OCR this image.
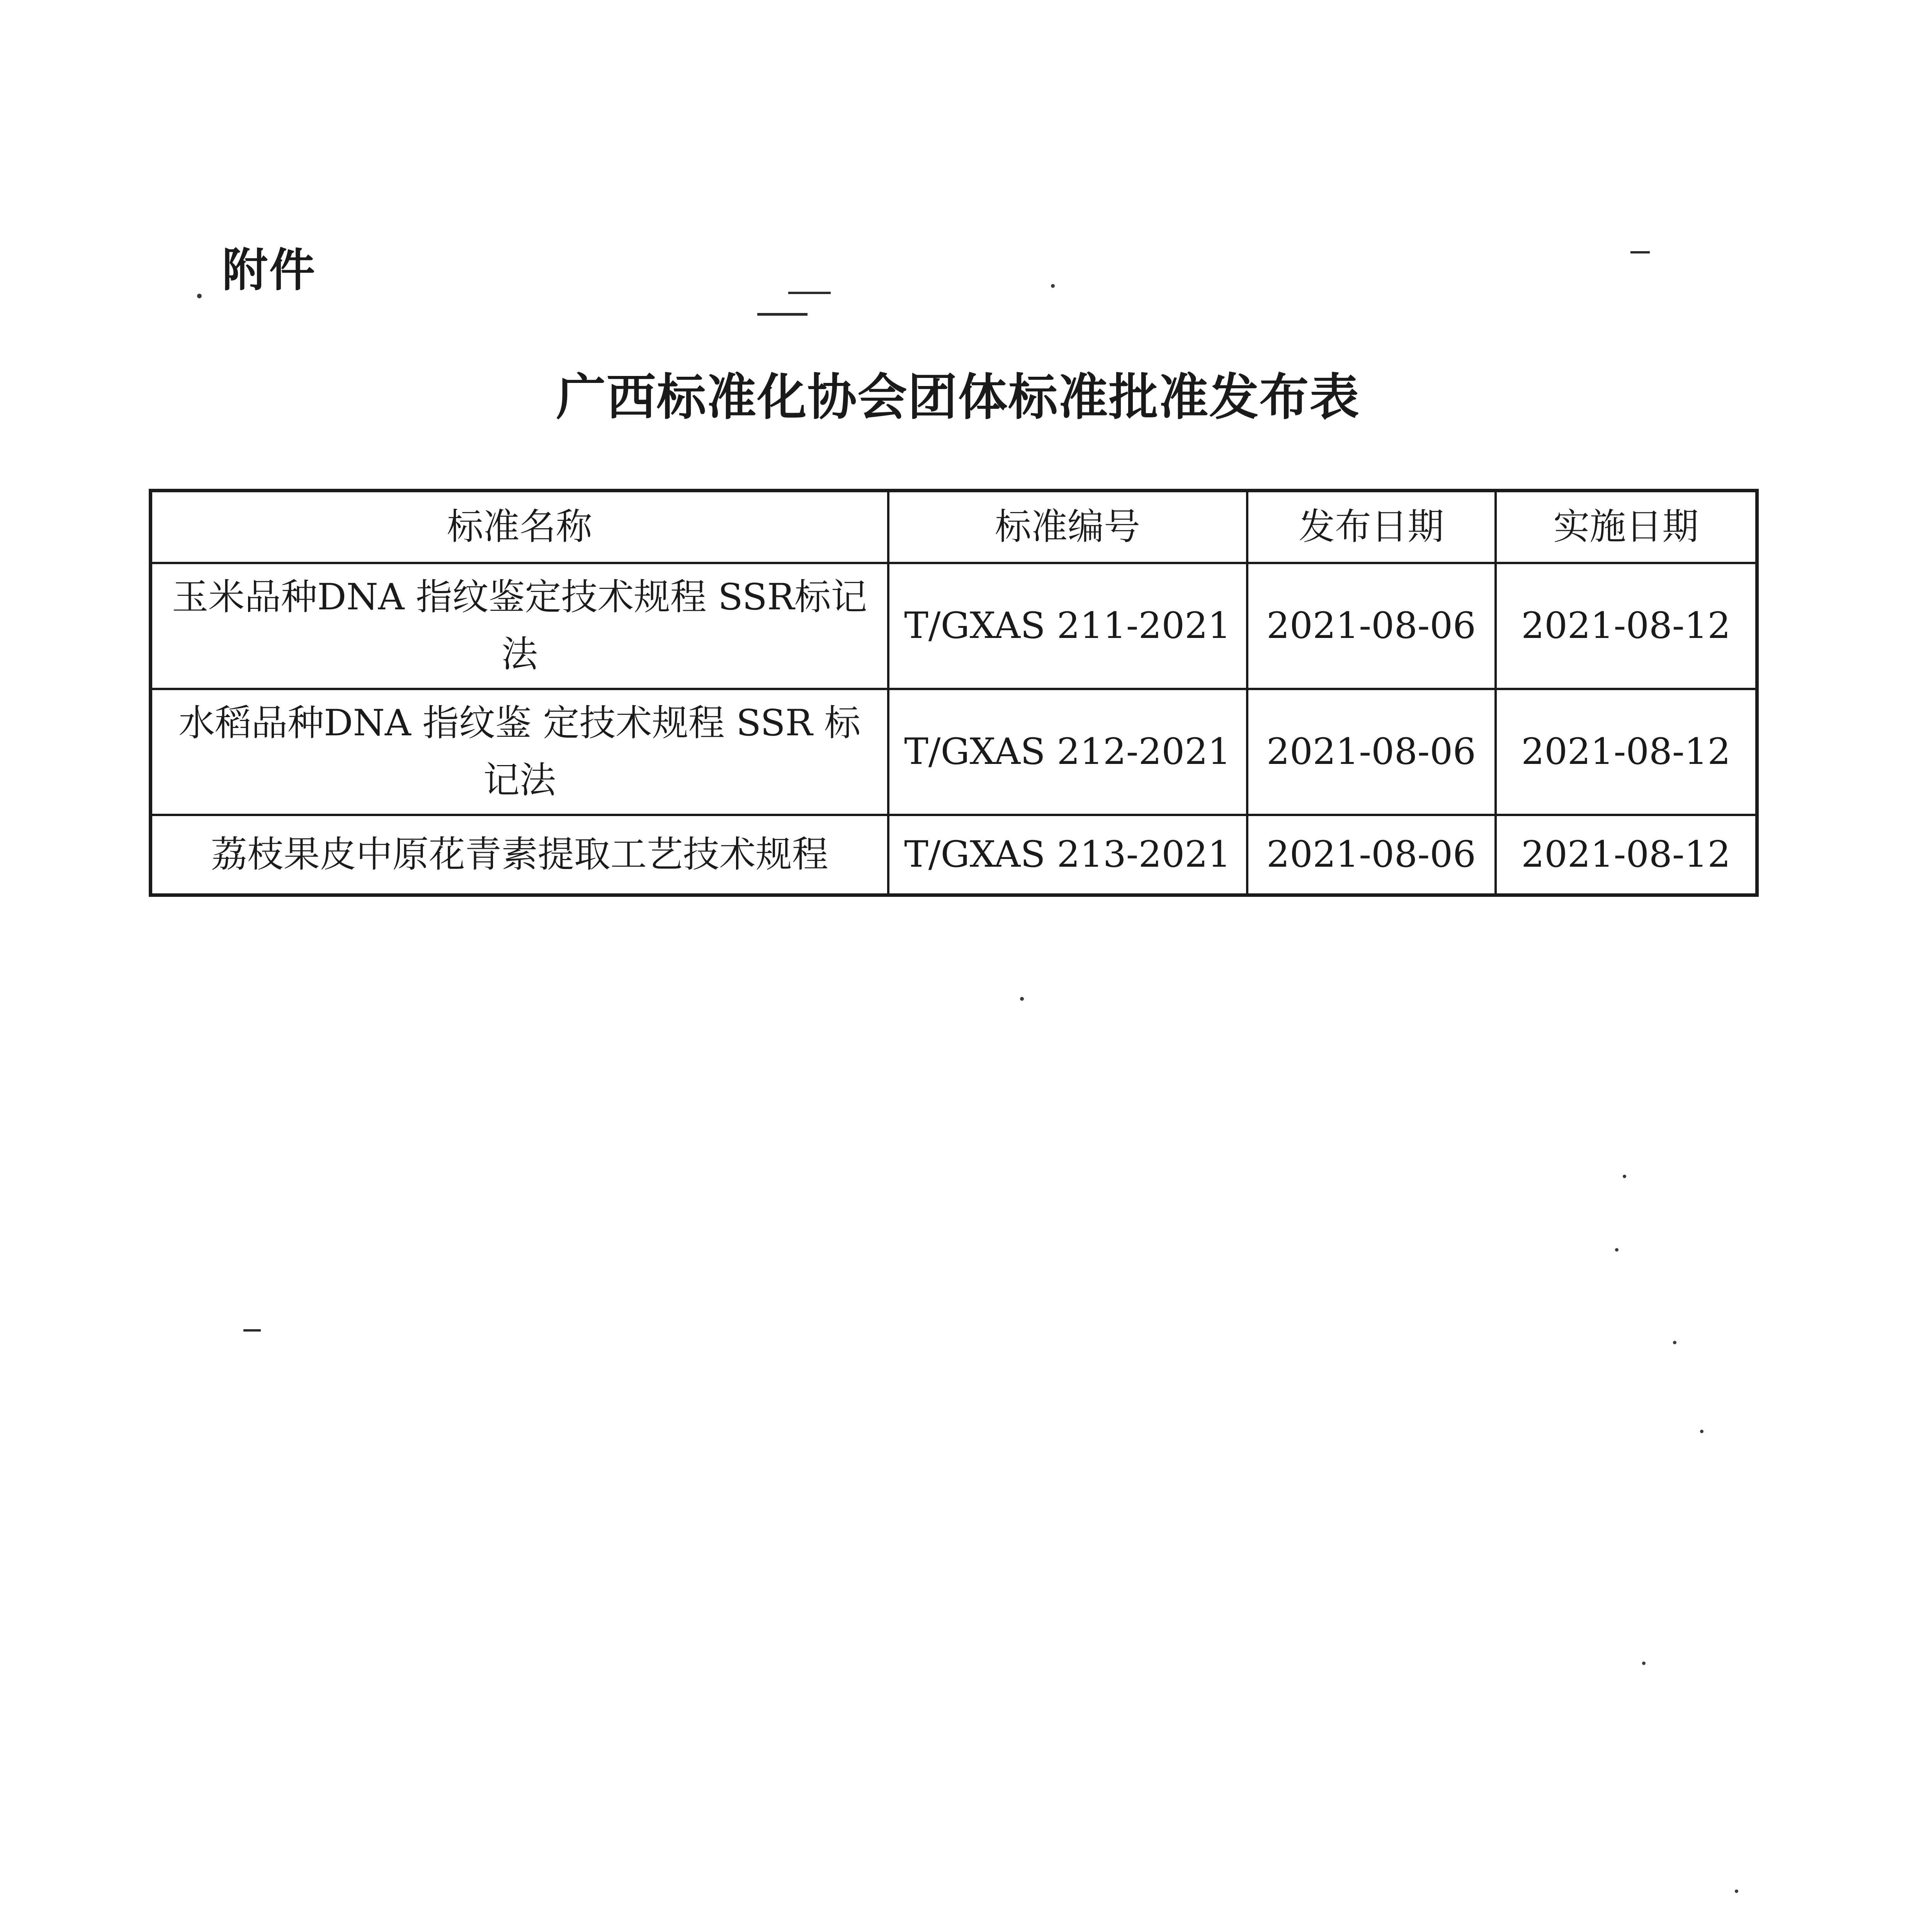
附件
广西标准化协会团体标准批准发布表
标准名称	标准编号	发布日期	实施日期

玉米品种DNA 指纹鉴定技术规程 SSR标记
法	T/GXAS 211-2021	2021-08-06	2021-08-12

水稻品种DNA 指纹鉴 定技术规程 SSR 标
记法	T/GXAS 212-2021	2021-08-06	2021-08-12
荔枝果皮中原花青素提取工艺技术规程	T/GXAS 213-2021	2021-08-06	2021-08-12
